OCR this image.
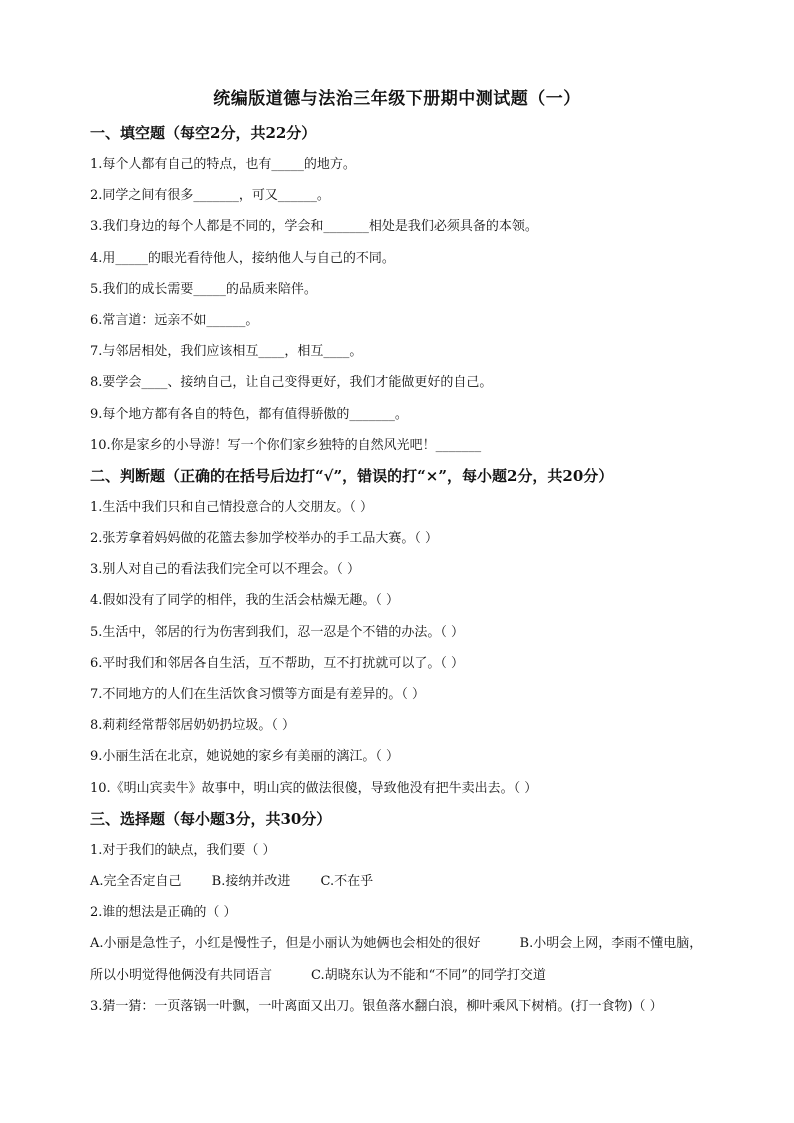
统编版道德与法治三年级下册期中测试题（一）
一、填空题（每空2分，共22分）
1.每个人都有自己的特点，也有_____的地方。
2.同学之间有很多_______，可又______。
3.我们身边的每个人都是不同的，学会和_______相处是我们必须具备的本领。
4.用_____的眼光看待他人，接纳他人与自己的不同。
5.我们的成长需要_____的品质来陪伴。
6.常言道：远亲不如______。
7.与邻居相处，我们应该相互____，相互____。
8.要学会____、接纳自己，让自己变得更好，我们才能做更好的自己。
9.每个地方都有各自的特色，都有值得骄傲的_______。
10.你是家乡的小导游！写一个你们家乡独特的自然风光吧！_______
二、判断题（正确的在括号后边打“√”，错误的打“×”，每小题2分，共20分）
1.生活中我们只和自己情投意合的人交朋友。（ ）
2.张芳拿着妈妈做的花篮去参加学校举办的手工品大赛。（ ）
3.别人对自己的看法我们完全可以不理会。（ ）
4.假如没有了同学的相伴，我的生活会枯燥无趣。（ ）
5.生活中，邻居的行为伤害到我们，忍一忍是个不错的办法。（ ）
6.平时我们和邻居各自生活，互不帮助，互不打扰就可以了。（ ）
7.不同地方的人们在生活饮食习惯等方面是有差异的。（ ）
8.莉莉经常帮邻居奶奶扔垃圾。（ ）
9.小丽生活在北京，她说她的家乡有美丽的漓江。（ ）
10.《明山宾卖牛》故事中，明山宾的做法很傻，导致他没有把牛卖出去。（ ）
三、选择题（每小题3分，共30分）
1.对于我们的缺点，我们要（ ）
A.完全否定自己 B.接纳并改进 C.不在乎
2.谁的想法是正确的（ ）
A.小丽是急性子，小红是慢性子，但是小丽认为她俩也会相处的很好　　　B.小明会上网，李雨不懂电脑，所以小明觉得他俩没有共同语言　　　C.胡晓东认为不能和“不同”的同学打交道
3.猜一猜：一页落锅一叶飘，一叶离面又出刀。银鱼落水翻白浪，柳叶乘风下树梢。(打一食物)（ ）
